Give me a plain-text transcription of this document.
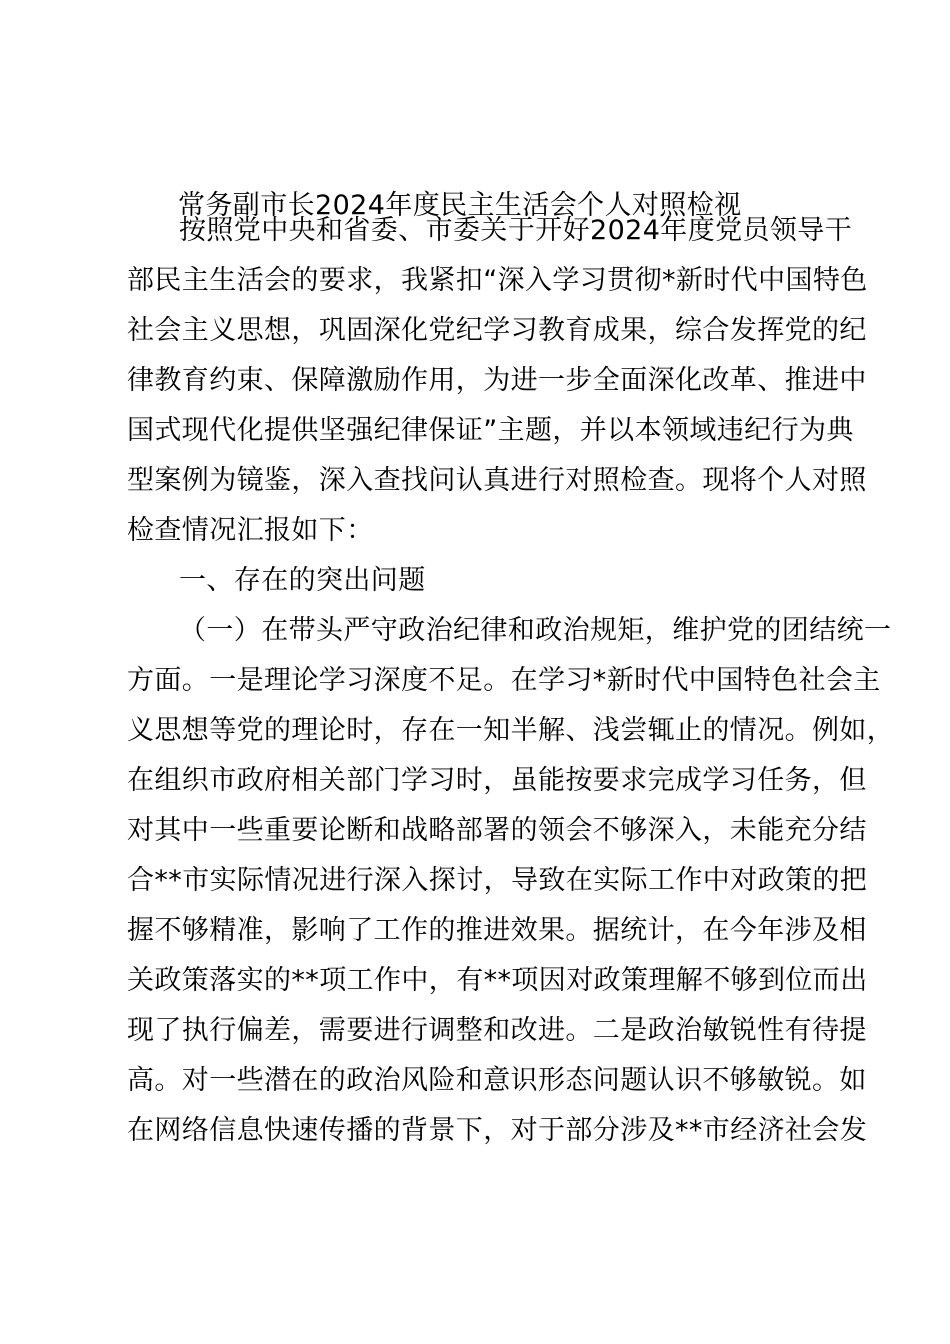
常务副市长2024年度民主生活会个人对照检视
按照党中央和省委、市委关于开好2024年度党员领导干
部民主生活会的要求，我紧扣“深入学习贯彻*新时代中国特色
社会主义思想，巩固深化党纪学习教育成果，综合发挥党的纪
律教育约束、保障激励作用，为进一步全面深化改革、推进中
国式现代化提供坚强纪律保证”主题，并以本领域违纪行为典
型案例为镜鉴，深入查找问认真进行对照检查。现将个人对照
检查情况汇报如下：
一、存在的突出问题
（一）在带头严守政治纪律和政治规矩，维护党的团结统一
方面。一是理论学习深度不足。在学习*新时代中国特色社会主
义思想等党的理论时，存在一知半解、浅尝辄止的情况。例如，
在组织市政府相关部门学习时，虽能按要求完成学习任务，但
对其中一些重要论断和战略部署的领会不够深入，未能充分结
合**市实际情况进行深入探讨，导致在实际工作中对政策的把
握不够精准，影响了工作的推进效果。据统计，在今年涉及相
关政策落实的**项工作中，有**项因对政策理解不够到位而出
现了执行偏差，需要进行调整和改进。二是政治敏锐性有待提
高。对一些潜在的政治风险和意识形态问题认识不够敏锐。如
在网络信息快速传播的背景下，对于部分涉及**市经济社会发
